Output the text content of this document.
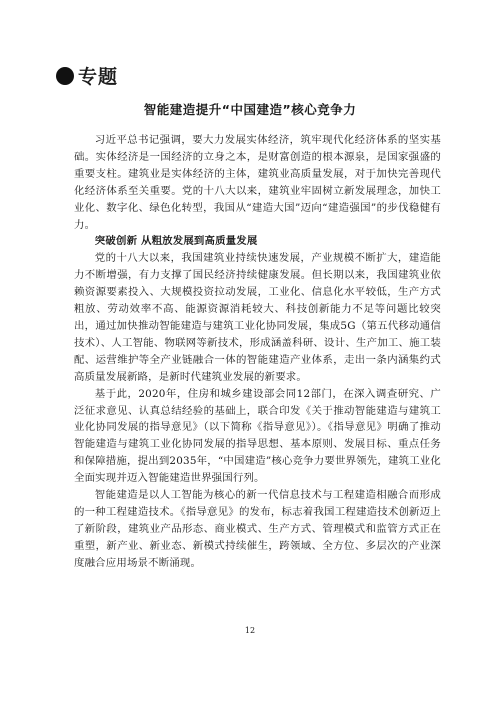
专题
智能建造提升“中国建造”核心竞争力

习近平总书记强调，要大力发展实体经济，筑牢现代化经济体系的坚实基础。实体经济是一国经济的立身之本，是财富创造的根本源泉，是国家强盛的重要支柱。建筑业是实体经济的主体，建筑业高质量发展，对于加快完善现代化经济体系至关重要。党的十八大以来，建筑业牢固树立新发展理念，加快工业化、数字化、绿色化转型，我国从“建造大国”迈向“建造强国”的步伐稳健有力。

突破创新 从粗放发展到高质量发展

党的十八大以来，我国建筑业持续快速发展，产业规模不断扩大，建造能力不断增强，有力支撑了国民经济持续健康发展。但长期以来，我国建筑业依赖资源要素投入、大规模投资拉动发展，工业化、信息化水平较低，生产方式粗放、劳动效率不高、能源资源消耗较大、科技创新能力不足等问题比较突出，通过加快推动智能建造与建筑工业化协同发展，集成5G（第五代移动通信技术）、人工智能、物联网等新技术，形成涵盖科研、设计、生产加工、施工装配、运营维护等全产业链融合一体的智能建造产业体系，走出一条内涵集约式高质量发展新路，是新时代建筑业发展的新要求。

基于此，2020年，住房和城乡建设部会同12部门，在深入调查研究、广泛征求意见、认真总结经验的基础上，联合印发《关于推动智能建造与建筑工业化协同发展的指导意见》（以下简称《指导意见》）。《指导意见》明确了推动智能建造与建筑工业化协同发展的指导思想、基本原则、发展目标、重点任务和保障措施，提出到2035年，“中国建造”核心竞争力要世界领先，建筑工业化全面实现并迈入智能建造世界强国行列。

智能建造是以人工智能为核心的新一代信息技术与工程建造相融合而形成的一种工程建造技术。《指导意见》的发布，标志着我国工程建造技术创新迈上了新阶段，建筑业产品形态、商业模式、生产方式、管理模式和监管方式正在重塑，新产业、新业态、新模式持续催生，跨领域、全方位、多层次的产业深度融合应用场景不断涌现。

12
